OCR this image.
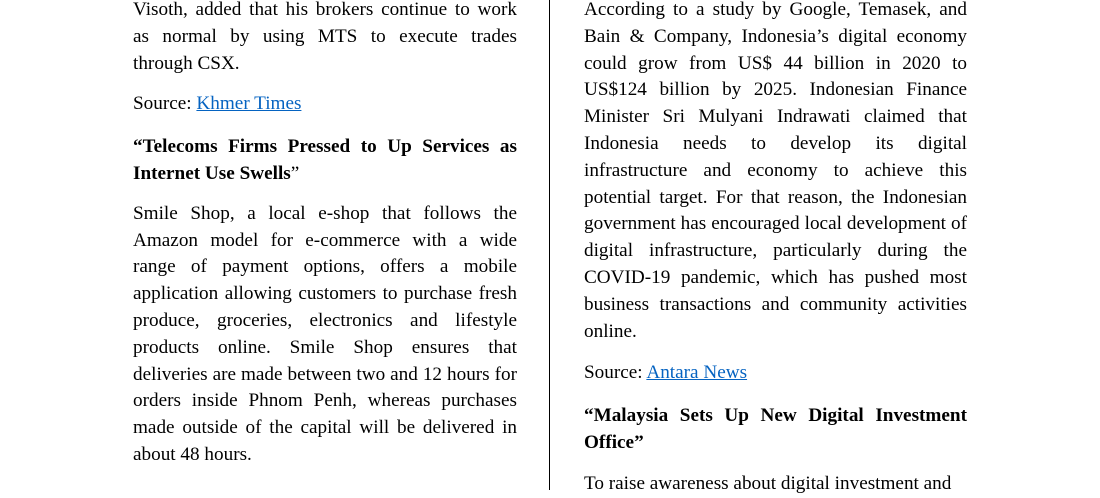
Visoth, added that his brokers continue to work as normal by using MTS to execute trades through CSX.

Source: Khmer Times

“Telecoms Firms Pressed to Up Services as Internet Use Swells”

Smile Shop, a local e-shop that follows the Amazon model for e-commerce with a wide range of payment options, offers a mobile application allowing customers to purchase fresh produce, groceries, electronics and lifestyle products online. Smile Shop ensures that deliveries are made between two and 12 hours for orders inside Phnom Penh, whereas purchases made outside of the capital will be delivered in about 48 hours.

According to a study by Google, Temasek, and Bain & Company, Indonesia’s digital economy could grow from US$ 44 billion in 2020 to US$124 billion by 2025. Indonesian Finance Minister Sri Mulyani Indrawati claimed that Indonesia needs to develop its digital infrastructure and economy to achieve this potential target. For that reason, the Indonesian government has encouraged local development of digital infrastructure, particularly during the COVID-19 pandemic, which has pushed most business transactions and community activities online.

Source: Antara News

“Malaysia Sets Up New Digital Investment Office”

To raise awareness about digital investment and
